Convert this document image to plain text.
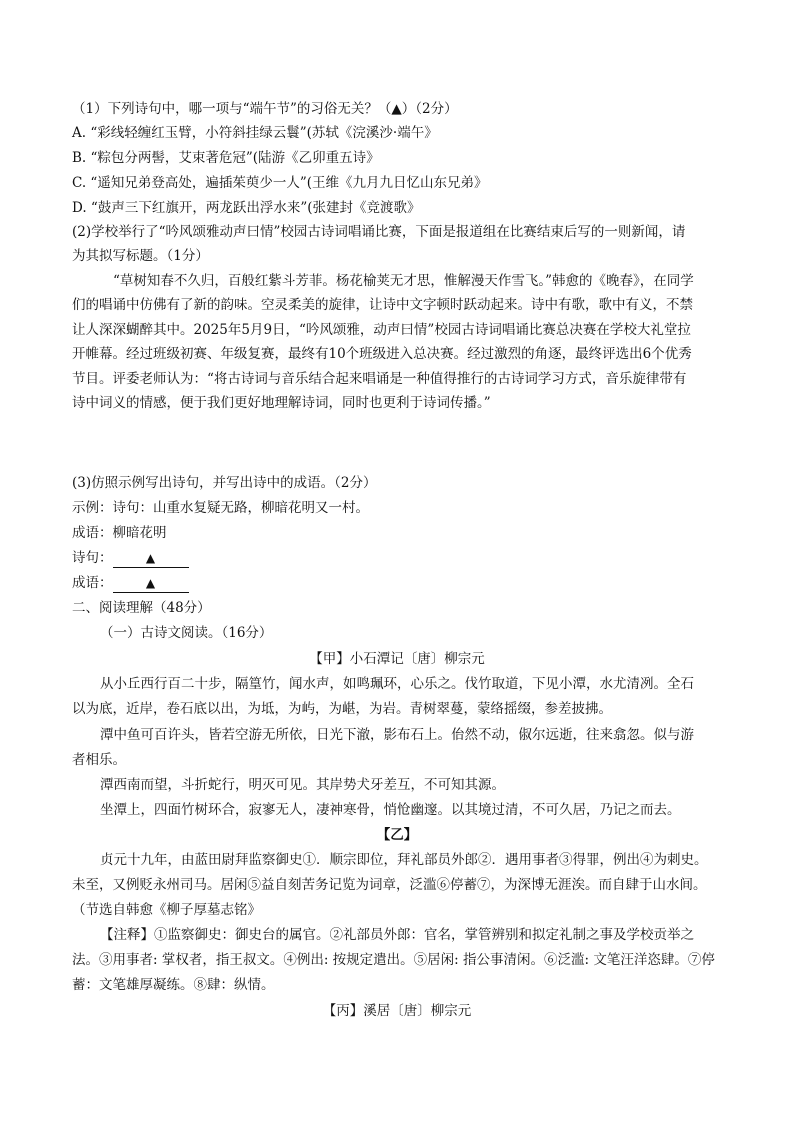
（1）下列诗句中，哪一项与“端午节”的习俗无关？（▲）（2分）
A. “彩线轻缠红玉臂，小符斜挂绿云鬟”(苏轼《浣溪沙·端午》
B. “粽包分两髻，艾束著危冠”(陆游《乙卯重五诗》
C. “遥知兄弟登高处，遍插茱萸少一人”(王维《九月九日忆山东兄弟》
D. “鼓声三下红旗开，两龙跃出浮水来”(张建封《竞渡歌》
(2)学校举行了“吟风颂雅动声曰情”校园古诗词唱诵比赛，下面是报道组在比赛结束后写的一则新闻，请
为其拟写标题。（1分）
“草树知春不久归，百般红紫斗芳菲。杨花榆荚无才思，惟解漫天作雪飞。”韩愈的《晚春》，在同学
们的唱诵中仿佛有了新的韵味。空灵柔美的旋律，让诗中文字顿时跃动起来。诗中有歌，歌中有义，不禁
让人深深蝴醉其中。2025年5月9日，“吟风颂雅，动声曰情”校园古诗词唱诵比赛总决赛在学校大礼堂拉
开帷幕。经过班级初赛、年级复赛，最终有10个班级进入总决赛。经过激烈的角逐，最终评选出6个优秀
节目。评委老师认为：“将古诗词与音乐结合起来唱诵是一种值得推行的古诗词学习方式，音乐旋律带有
诗中词义的情感，便于我们更好地理解诗词，同时也更利于诗词传播。”
(3)仿照示例写出诗句，并写出诗中的成语。（2分）
示例：诗句：山重水复疑无路，柳暗花明又一村。
成语：柳暗花明
诗句：	▲
成语：	▲
二、阅读理解（48分）
（一）古诗文阅读。（16分）
【甲】小石潭记〔唐〕柳宗元
从小丘西行百二十步，隔篁竹，闻水声，如鸣珮环，心乐之。伐竹取道，下见小潭，水尤清冽。全石
以为底，近岸，卷石底以出，为坻，为屿，为嵁，为岩。青树翠蔓，蒙络摇缀，参差披拂。
潭中鱼可百许头，皆若空游无所依，日光下澈，影布石上。佁然不动，俶尔远逝，往来翕忽。似与游
者相乐。
潭西南而望，斗折蛇行，明灭可见。其岸势犬牙差互，不可知其源。
坐潭上，四面竹树环合，寂寥无人，凄神寒骨，悄怆幽邃。以其境过清，不可久居，乃记之而去。
【乙】
贞元十九年，由蓝田尉拜监察御史①．顺宗即位，拜礼部员外郎②．遇用事者③得罪，例出④为刺史。
未至，又例贬永州司马。居闲⑤益自刻苦务记览为词章，泛滥⑥停蓄⑦，为深博无涯涘。而自肆于山水间。
（节选自韩愈《柳子厚墓志铭》
【注释】①监察御史：御史台的属官。②礼部员外郎：官名，掌管辨别和拟定礼制之事及学校贡举之
法。③用事者: 掌权者，指王叔文。④例出: 按规定遣出。⑤居闲: 指公事清闲。⑥泛滥: 文笔汪洋恣肆。⑦停
蓄：文笔雄厚凝练。⑧肆：纵情。
【丙】溪居〔唐〕柳宗元
